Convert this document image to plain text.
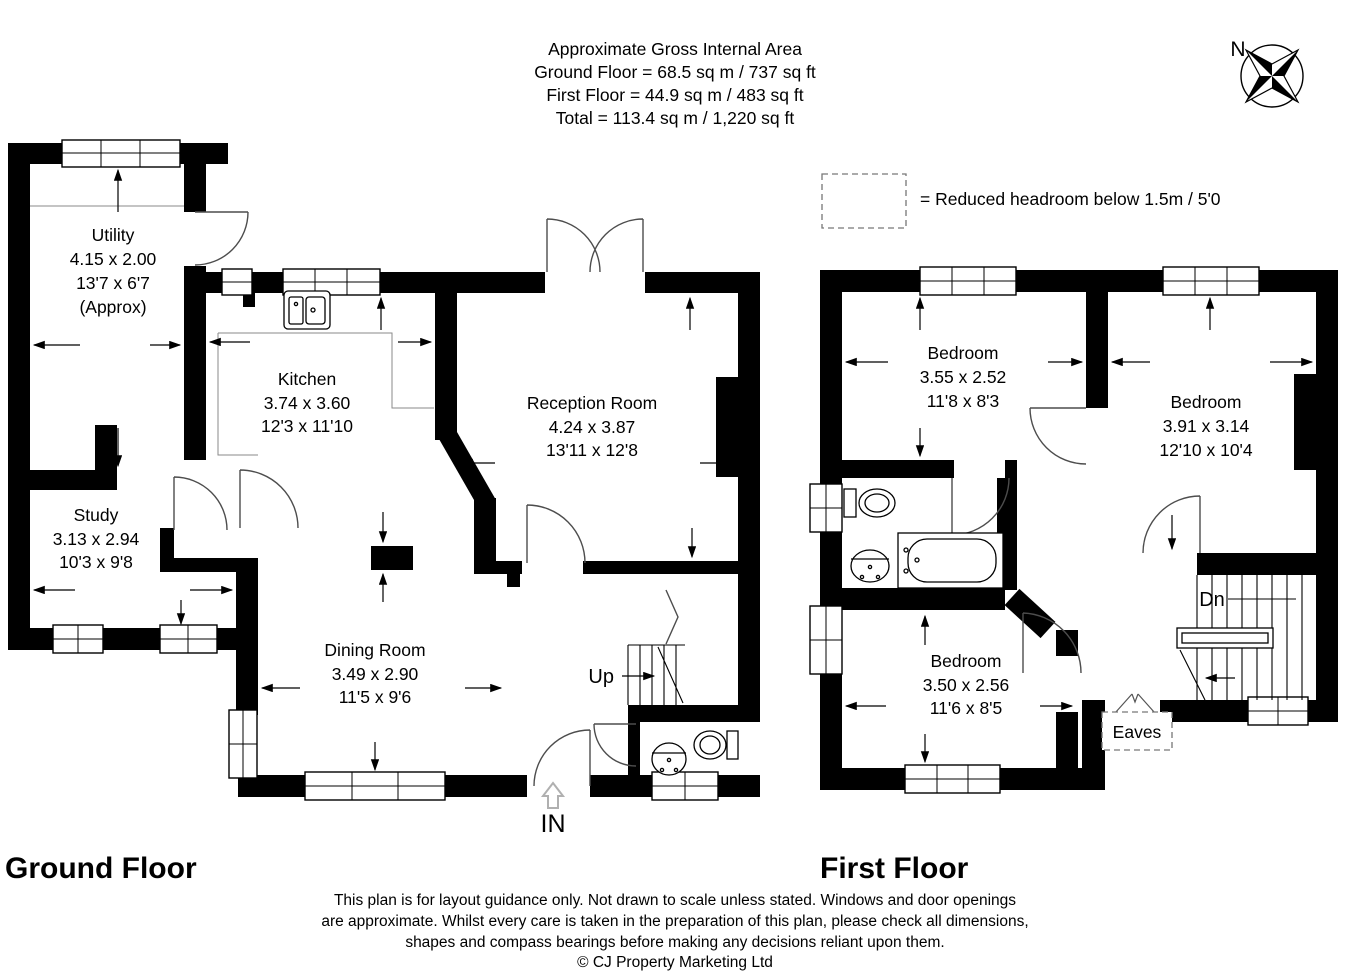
Approximate Gross Internal Area
Ground Floor = 68.5 sq m / 737 sq ft
First Floor = 44.9 sq m / 483 sq ft
Total = 113.4 sq m / 1,220 sq ft
N
= Reduced headroom below 1.5m / 5'0
Up
IN
Utility
4.15 x 2.00
13'7 x 6'7
(Approx)
Kitchen
3.74 x 3.60
12'3 x 11'10
Reception Room
4.24 x 3.87
13'11 x 12'8
Study
3.13 x 2.94
10'3 x 9'8
Dining Room
3.49 x 2.90
11'5 x 9'6
Dn
Eaves
Bedroom
3.55 x 2.52
11'8 x 8'3	Bedroom
3.91 x 3.14
12'10 x 10'4
Bedroom
3.50 x 2.56
11'6 x 8'5
Ground Floor	First Floor
This plan is for layout guidance only. Not drawn to scale unless stated. Windows and door openings
are approximate. Whilst every care is taken in the preparation of this plan, please check all dimensions,
shapes and compass bearings before making any decisions reliant upon them.
© CJ Property Marketing Ltd
